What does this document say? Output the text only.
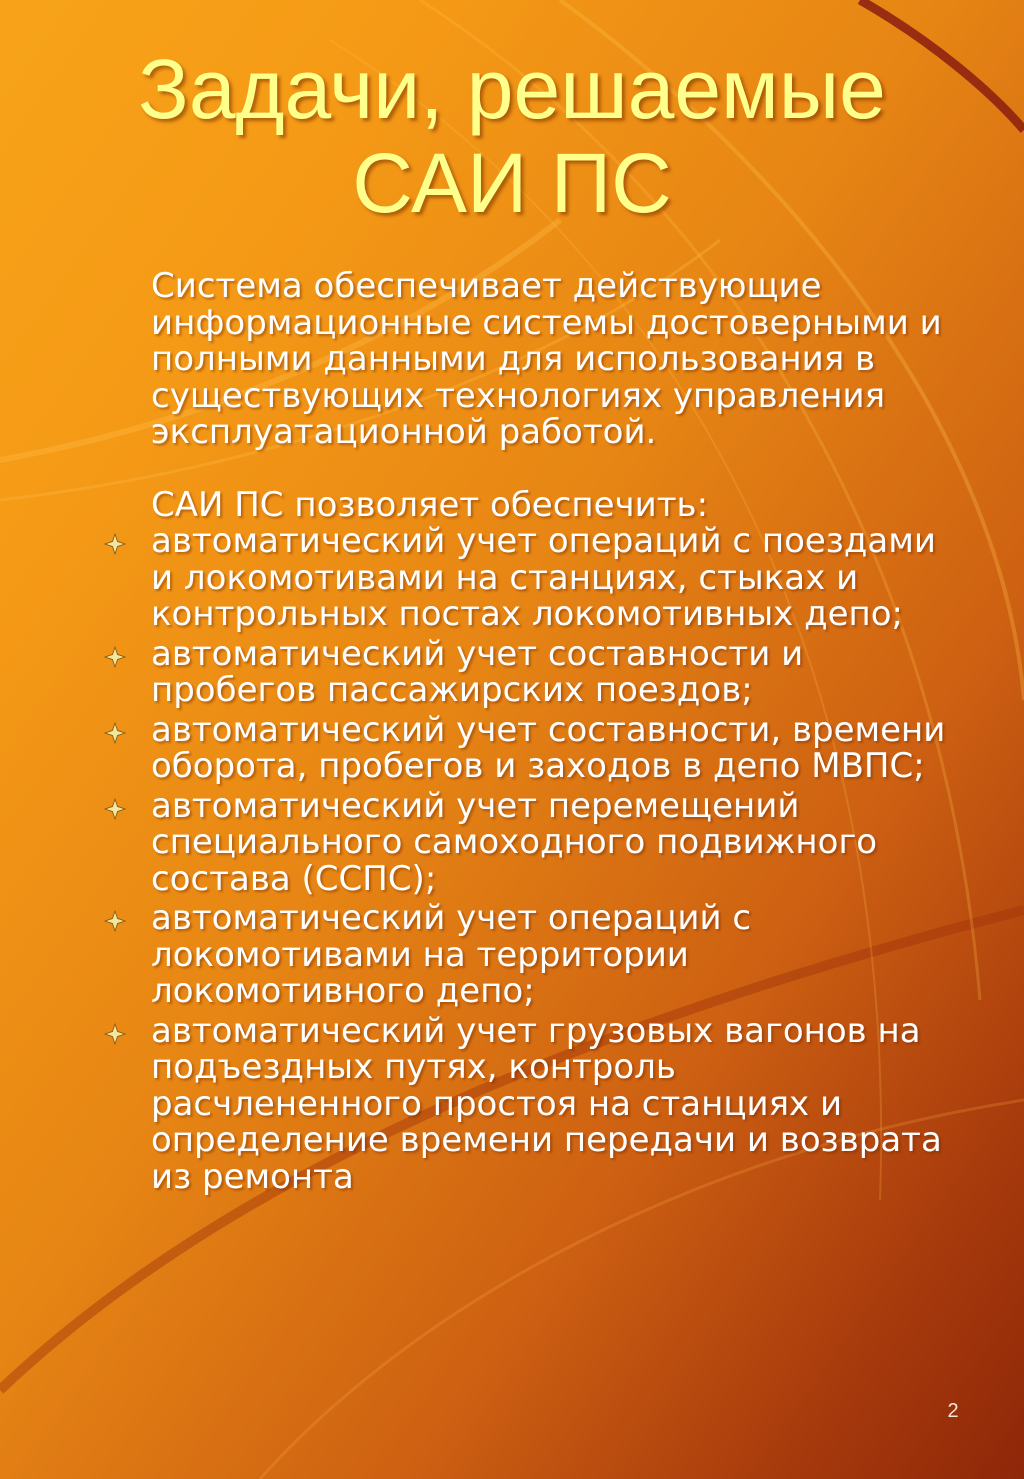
Задачи, решаемые
САИ ПС

Система обеспечивает действующие информационные системы достоверными и полными данными для использования в существующих технологиях управления эксплуатационной работой.

САИ ПС позволяет обеспечить:

автоматический учет операций с поездами и локомотивами на станциях, стыках и контрольных постах локомотивных депо;
автоматический учет составности и пробегов пассажирских поездов;
автоматический учет составности, времени оборота, пробегов и заходов в депо МВПС;
автоматический учет перемещений специального самоходного подвижного состава (ССПС);
автоматический учет операций с локомотивами на территории локомотивного депо;
автоматический учет грузовых вагонов на подъездных путях, контроль расчлененного простоя на станциях и определение времени передачи и возврата из ремонта

2
